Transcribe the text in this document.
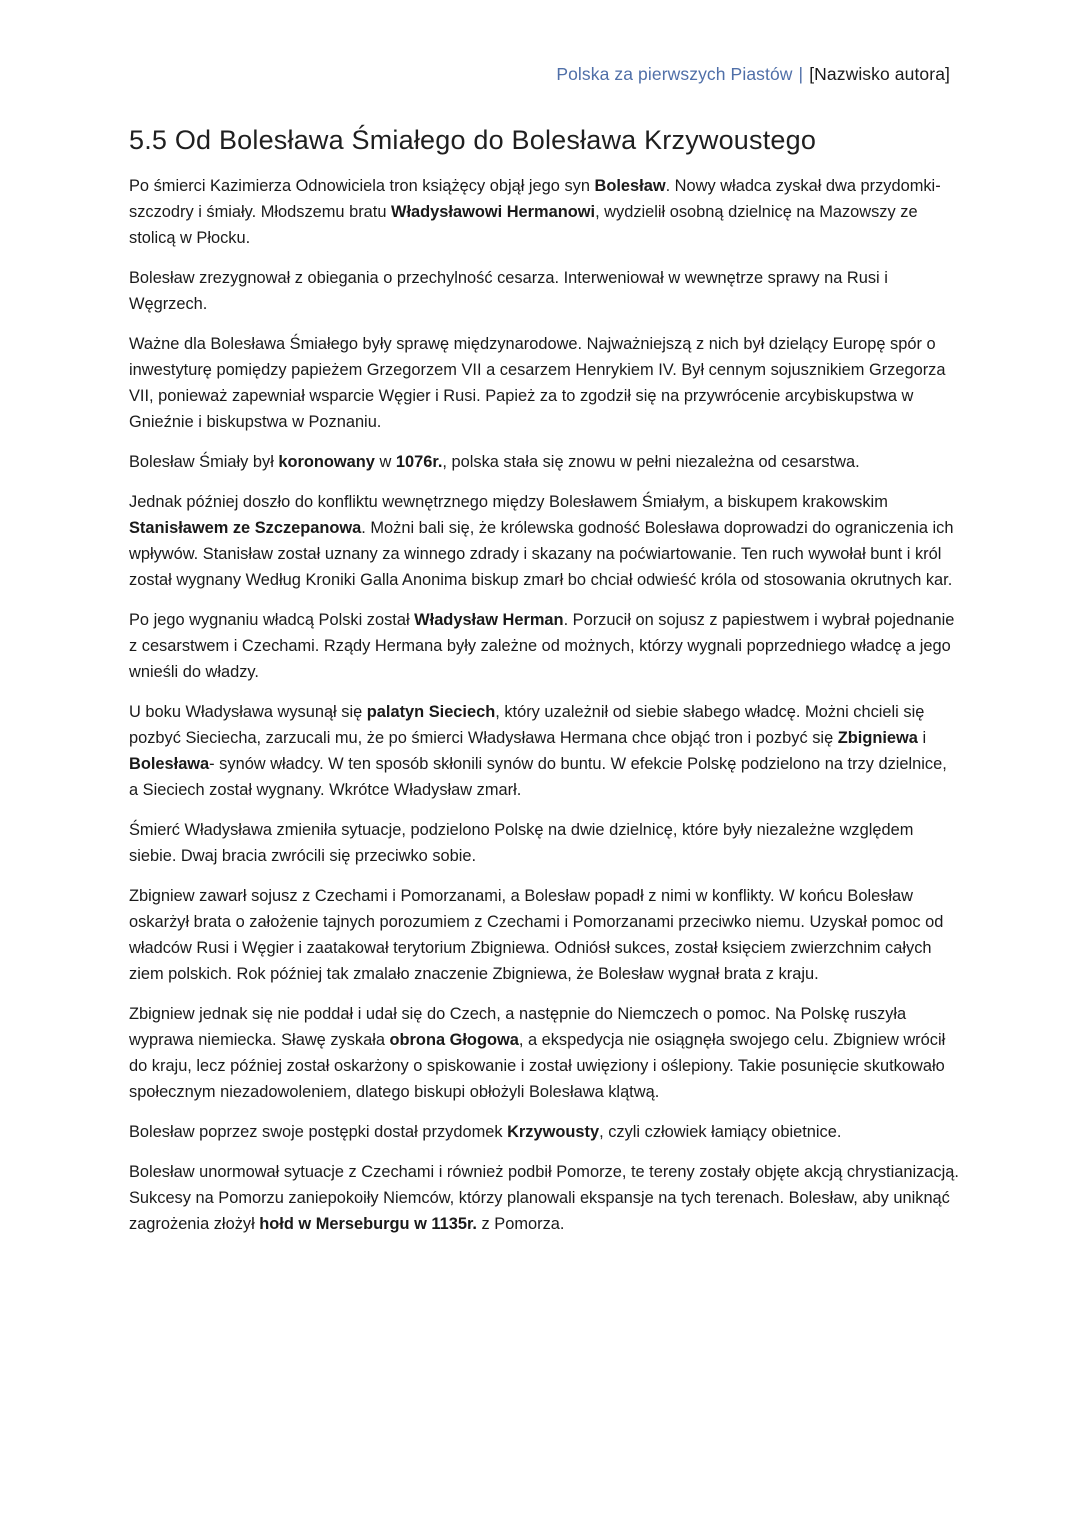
Polska za pierwszych Piastów | [Nazwisko autora]
5.5 Od Bolesława Śmiałego do Bolesława Krzywoustego

Po śmierci Kazimierza Odnowiciela tron książęcy objął jego syn Bolesław. Nowy władca zyskał dwa przydomki- szczodry i śmiały. Młodszemu bratu Władysławowi Hermanowi, wydzielił osobną dzielnicę na Mazowszy ze stolicą w Płocku.

Bolesław zrezygnował z obiegania o przechylność cesarza. Interweniował w wewnętrze sprawy na Rusi i Węgrzech.

Ważne dla Bolesława Śmiałego były sprawę międzynarodowe. Najważniejszą z nich był dzielący Europę spór o inwestyturę pomiędzy papieżem Grzegorzem VII a cesarzem Henrykiem IV. Był cennym sojusznikiem Grzegorza VII, ponieważ zapewniał wsparcie Węgier i Rusi. Papież za to zgodził się na przywrócenie arcybiskupstwa w Gnieźnie i biskupstwa w Poznaniu.

Bolesław Śmiały był koronowany w 1076r., polska stała się znowu w pełni niezależna od cesarstwa.

Jednak później doszło do konfliktu wewnętrznego między Bolesławem Śmiałym, a biskupem krakowskim Stanisławem ze Szczepanowa. Możni bali się, że królewska godność Bolesława doprowadzi do ograniczenia ich wpływów. Stanisław został uznany za winnego zdrady i skazany na poćwiartowanie. Ten ruch wywołał bunt i król został wygnany Według Kroniki Galla Anonima biskup zmarł bo chciał odwieść króla od stosowania okrutnych kar.

Po jego wygnaniu władcą Polski został Władysław Herman. Porzucił on sojusz z papiestwem i wybrał pojednanie z cesarstwem i Czechami. Rządy Hermana były zależne od możnych, którzy wygnali poprzedniego władcę a jego wnieśli do władzy.

U boku Władysława wysunął się palatyn Sieciech, który uzależnił od siebie słabego władcę. Możni chcieli się pozbyć Sieciecha, zarzucali mu, że po śmierci Władysława Hermana chce objąć tron i pozbyć się Zbigniewa i Bolesława- synów władcy. W ten sposób skłonili synów do buntu. W efekcie Polskę podzielono na trzy dzielnice, a Sieciech został wygnany. Wkrótce Władysław zmarł.

Śmierć Władysława zmieniła sytuacje, podzielono Polskę na dwie dzielnicę, które były niezależne względem siebie. Dwaj bracia zwrócili się przeciwko sobie.

Zbigniew zawarł sojusz z Czechami i Pomorzanami, a Bolesław popadł z nimi w konflikty. W końcu Bolesław oskarżył brata o założenie tajnych porozumiem z Czechami i Pomorzanami przeciwko niemu. Uzyskał pomoc od władców Rusi i Węgier i zaatakował terytorium Zbigniewa. Odniósł sukces, został księciem zwierzchnim całych ziem polskich. Rok później tak zmalało znaczenie Zbigniewa, że Bolesław wygnał brata z kraju.

Zbigniew jednak się nie poddał i udał się do Czech, a następnie do Niemczech o pomoc. Na Polskę ruszyła wyprawa niemiecka. Sławę zyskała obrona Głogowa, a ekspedycja nie osiągnęła swojego celu. Zbigniew wrócił do kraju, lecz później został oskarżony o spiskowanie i został uwięziony i oślepiony. Takie posunięcie skutkowało społecznym niezadowoleniem, dlatego biskupi obłożyli Bolesława klątwą.

Bolesław poprzez swoje postępki dostał przydomek Krzywousty, czyli człowiek łamiący obietnice.

Bolesław unormował sytuacje z Czechami i również podbił Pomorze, te tereny zostały objęte akcją chrystianizacją. Sukcesy na Pomorzu zaniepokoiły Niemców, którzy planowali ekspansje na tych terenach. Bolesław, aby uniknąć zagrożenia złożył hołd w Merseburgu w 1135r. z Pomorza.
